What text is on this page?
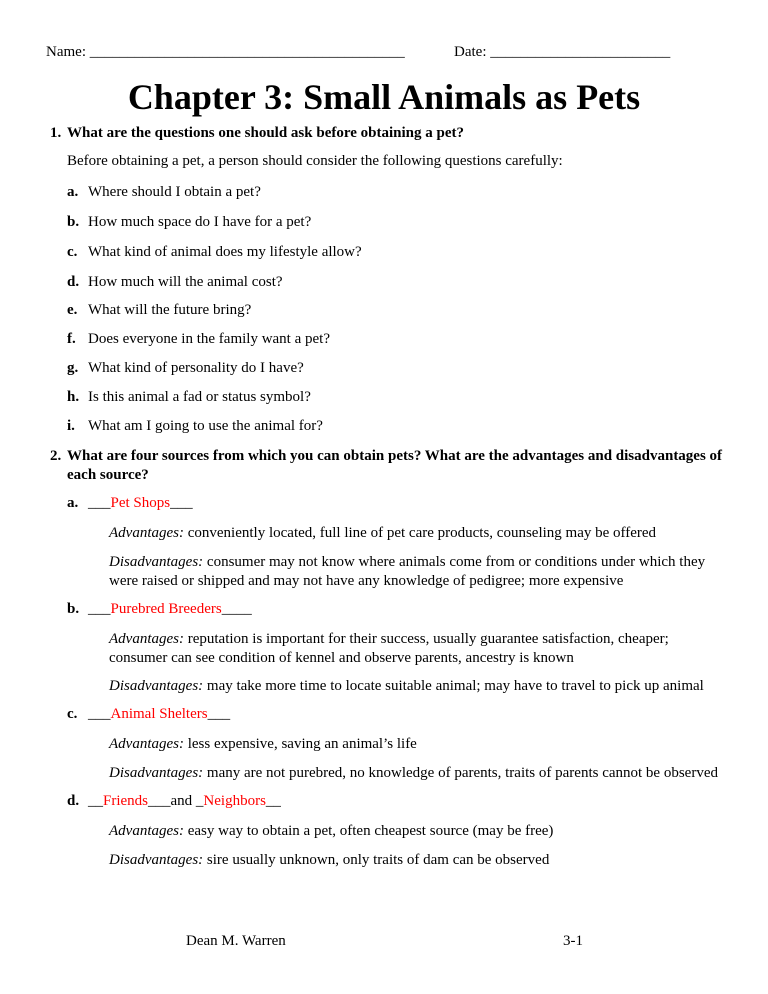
Name: __________________________________________	Date: ________________________
Chapter 3: Small Animals as Pets
1. What are the questions one should ask before obtaining a pet?
Before obtaining a pet, a person should consider the following questions carefully:
a. Where should I obtain a pet?
b. How much space do I have for a pet?
c. What kind of animal does my lifestyle allow?
d. How much will the animal cost?
e. What will the future bring?
f. Does everyone in the family want a pet?
g. What kind of personality do I have?
h. Is this animal a fad or status symbol?
i. What am I going to use the animal for?
2. What are four sources from which you can obtain pets? What are the advantages and disadvantages of each source?
a. ___Pet Shops___
Advantages: conveniently located, full line of pet care products, counseling may be offered
Disadvantages: consumer may not know where animals come from or conditions under which they were raised or shipped and may not have any knowledge of pedigree; more expensive
b. ___Purebred Breeders____
Advantages: reputation is important for their success, usually guarantee satisfaction, cheaper; consumer can see condition of kennel and observe parents, ancestry is known
Disadvantages: may take more time to locate suitable animal; may have to travel to pick up animal
c. ___Animal Shelters___
Advantages: less expensive, saving an animal’s life
Disadvantages: many are not purebred, no knowledge of parents, traits of parents cannot be observed
d. __Friends___and _Neighbors__
Advantages: easy way to obtain a pet, often cheapest source (may be free)
Disadvantages: sire usually unknown, only traits of dam can be observed
Dean M. Warren	3-1
